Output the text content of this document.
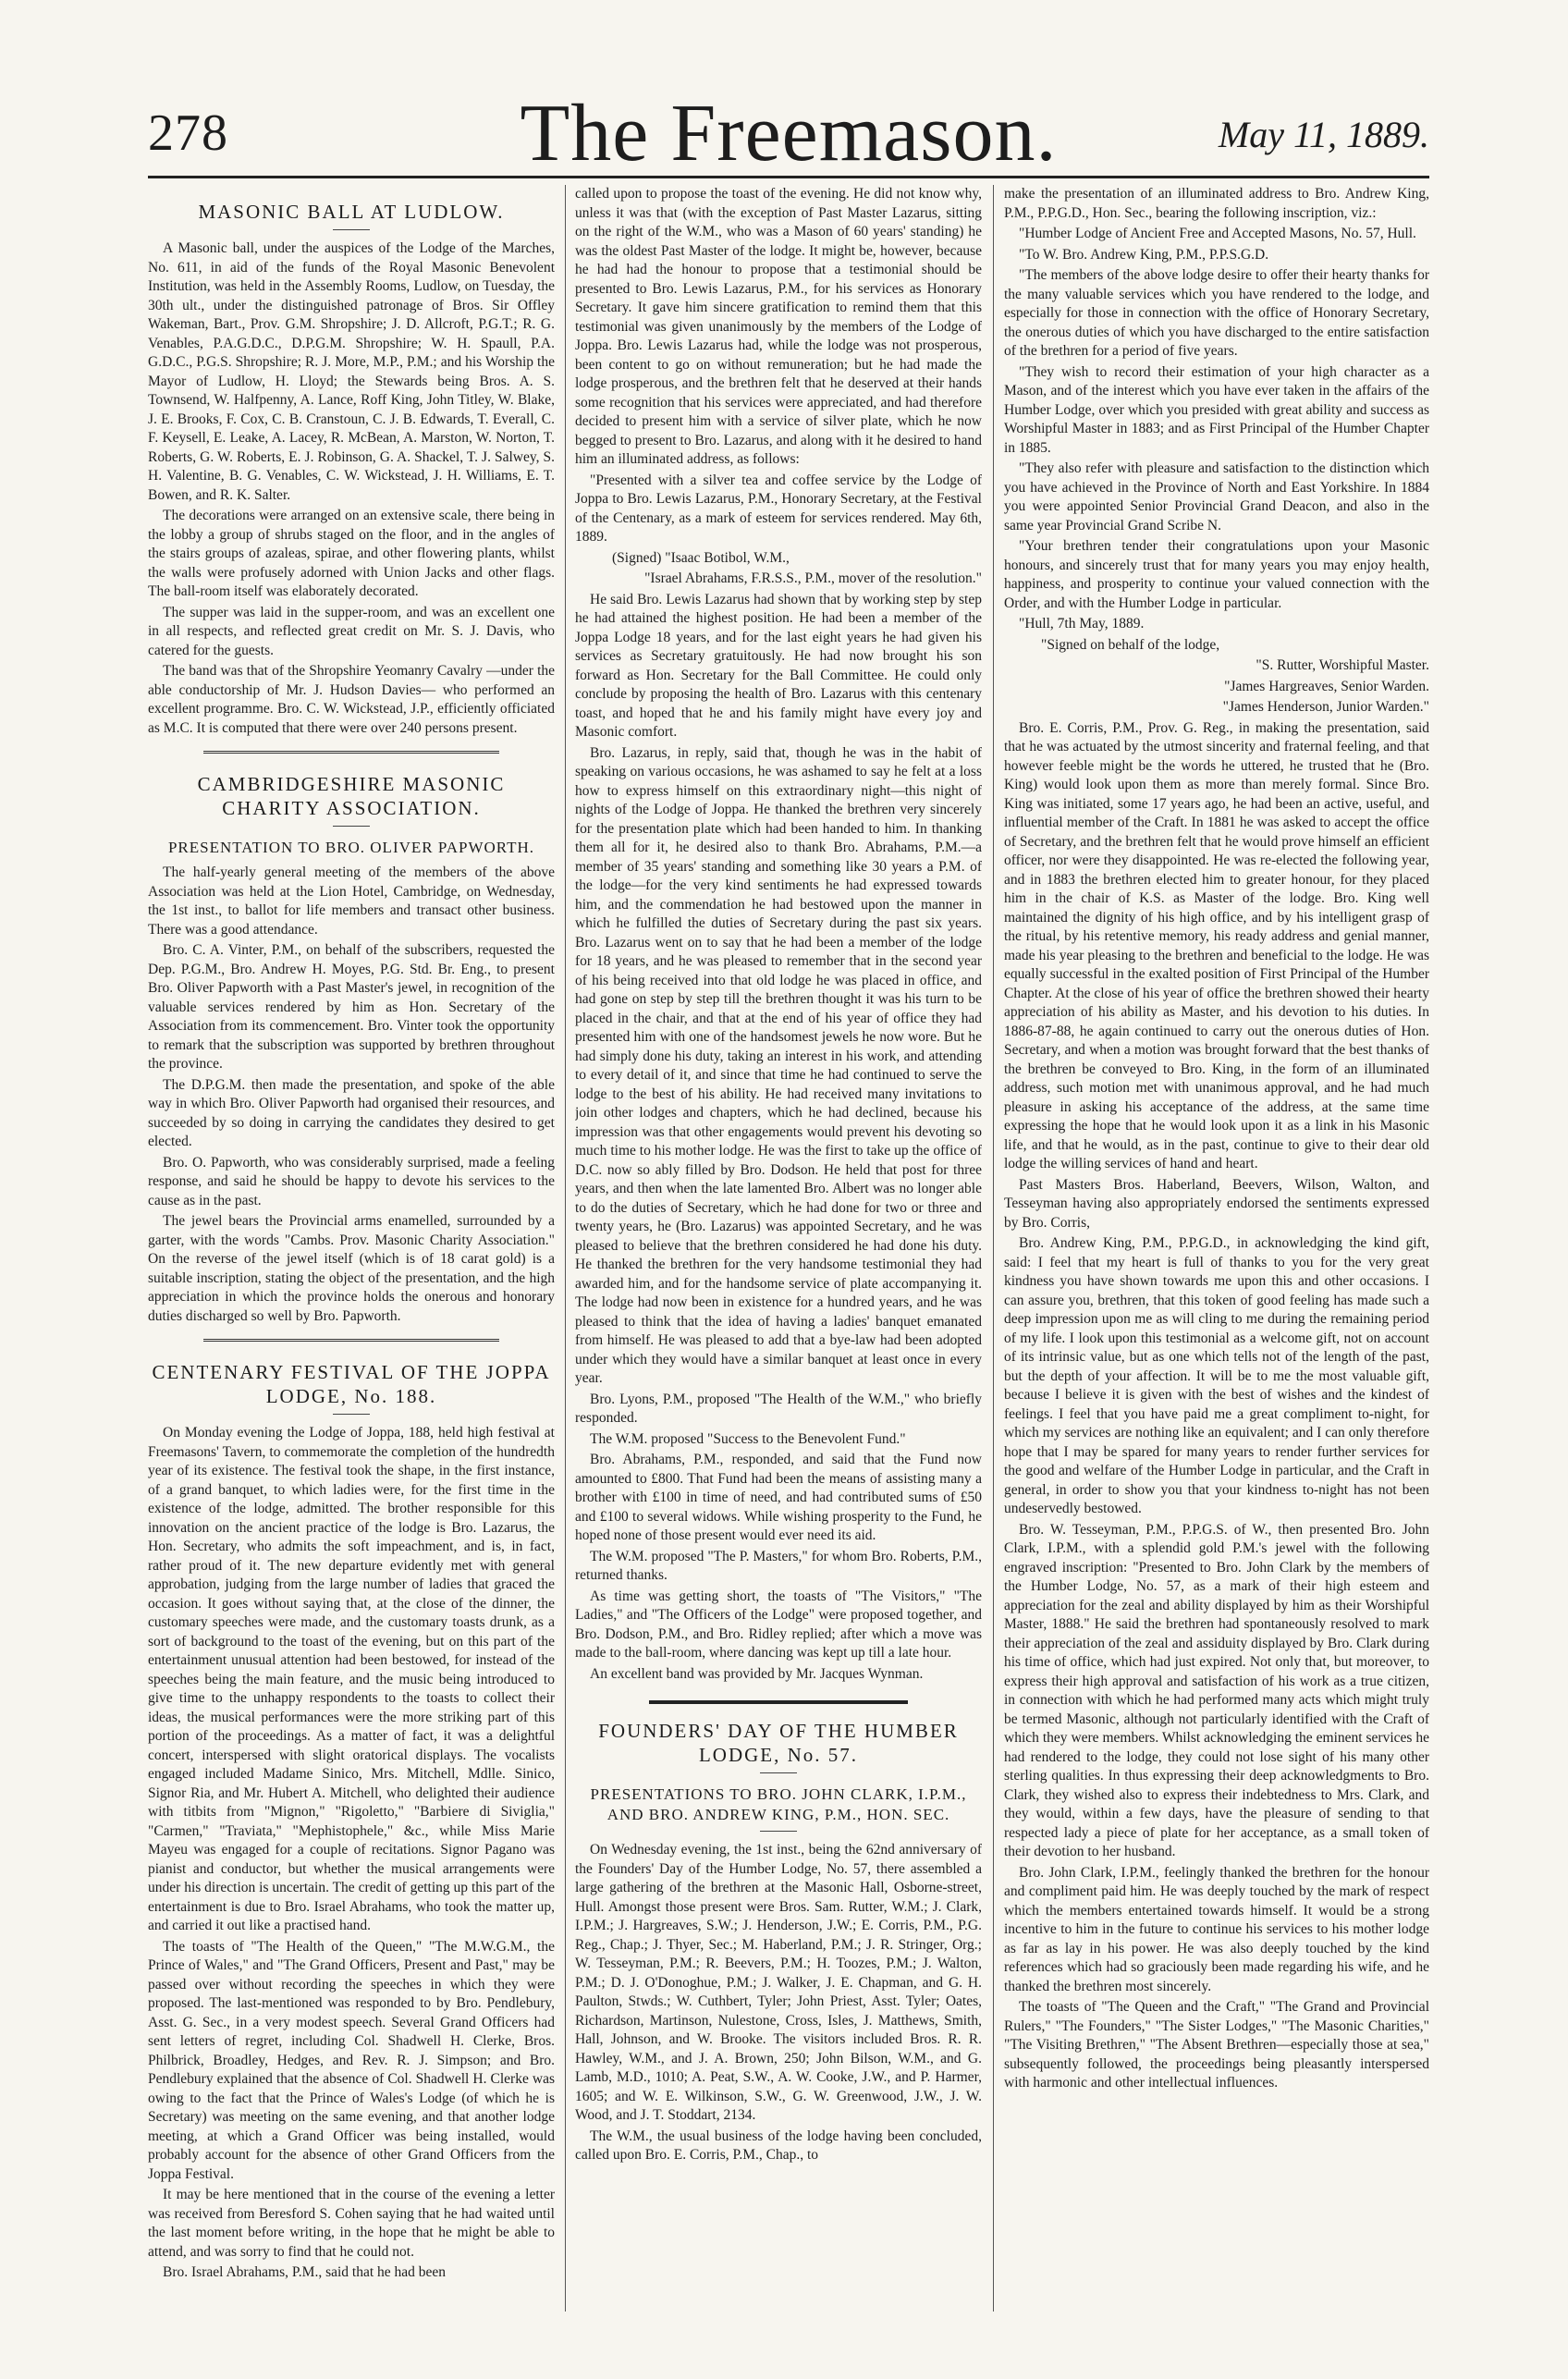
278	The Freemason.	May 11, 1889.
MASONIC BALL AT LUDLOW.

A Masonic ball, under the auspices of the Lodge of the Marches, No. 611, in aid of the funds of the Royal Masonic Benevolent Institution, was held in the Assembly Rooms, Ludlow, on Tuesday, the 30th ult., under the distinguished patronage of Bros. Sir Offley Wakeman, Bart., Prov. G.M. Shropshire; J. D. Allcroft, P.G.T.; R. G. Venables, P.A.G.D.C., D.P.G.M. Shropshire; W. H. Spaull, P.A. G.D.C., P.G.S. Shropshire; R. J. More, M.P., P.M.; and his Worship the Mayor of Ludlow, H. Lloyd; the Stewards being Bros. A. S. Townsend, W. Halfpenny, A. Lance, Roff King, John Titley, W. Blake, J. E. Brooks, F. Cox, C. B. Cranstoun, C. J. B. Edwards, T. Everall, C. F. Keysell, E. Leake, A. Lacey, R. McBean, A. Marston, W. Norton, T. Roberts, G. W. Roberts, E. J. Robinson, G. A. Shackel, T. J. Salwey, S. H. Valentine, B. G. Venables, C. W. Wickstead, J. H. Williams, E. T. Bowen, and R. K. Salter.

The decorations were arranged on an extensive scale, there being in the lobby a group of shrubs staged on the floor, and in the angles of the stairs groups of azaleas, spirae, and other flowering plants, whilst the walls were profusely adorned with Union Jacks and other flags. The ball-room itself was elaborately decorated.

The supper was laid in the supper-room, and was an excellent one in all respects, and reflected great credit on Mr. S. J. Davis, who catered for the guests.

The band was that of the Shropshire Yeomanry Cavalry —under the able conductorship of Mr. J. Hudson Davies— who performed an excellent programme. Bro. C. W. Wickstead, J.P., efficiently officiated as M.C. It is computed that there were over 240 persons present.

CAMBRIDGESHIRE MASONIC CHARITY ASSOCIATION.
PRESENTATION TO BRO. OLIVER PAPWORTH.

The half-yearly general meeting of the members of the above Association was held at the Lion Hotel, Cambridge, on Wednesday, the 1st inst., to ballot for life members and transact other business. There was a good attendance.

Bro. C. A. Vinter, P.M., on behalf of the subscribers, requested the Dep. P.G.M., Bro. Andrew H. Moyes, P.G. Std. Br. Eng., to present Bro. Oliver Papworth with a Past Master's jewel, in recognition of the valuable services rendered by him as Hon. Secretary of the Association from its commencement. Bro. Vinter took the opportunity to remark that the subscription was supported by brethren throughout the province.

The D.P.G.M. then made the presentation, and spoke of the able way in which Bro. Oliver Papworth had organised their resources, and succeeded by so doing in carrying the candidates they desired to get elected.

Bro. O. Papworth, who was considerably surprised, made a feeling response, and said he should be happy to devote his services to the cause as in the past.

The jewel bears the Provincial arms enamelled, surrounded by a garter, with the words "Cambs. Prov. Masonic Charity Association." On the reverse of the jewel itself (which is of 18 carat gold) is a suitable inscription, stating the object of the presentation, and the high appreciation in which the province holds the onerous and honorary duties discharged so well by Bro. Papworth.

CENTENARY FESTIVAL OF THE JOPPA LODGE, No. 188.

On Monday evening the Lodge of Joppa, 188, held high festival at Freemasons' Tavern, to commemorate the completion of the hundredth year of its existence. The festival took the shape, in the first instance, of a grand banquet, to which ladies were, for the first time in the existence of the lodge, admitted. The brother responsible for this innovation on the ancient practice of the lodge is Bro. Lazarus, the Hon. Secretary, who admits the soft impeachment, and is, in fact, rather proud of it. The new departure evidently met with general approbation, judging from the large number of ladies that graced the occasion. It goes without saying that, at the close of the dinner, the customary speeches were made, and the customary toasts drunk, as a sort of background to the toast of the evening, but on this part of the entertainment unusual attention had been bestowed, for instead of the speeches being the main feature, and the music being introduced to give time to the unhappy respondents to the toasts to collect their ideas, the musical performances were the more striking part of this portion of the proceedings. As a matter of fact, it was a delightful concert, interspersed with slight oratorical displays. The vocalists engaged included Madame Sinico, Mrs. Mitchell, Mdlle. Sinico, Signor Ria, and Mr. Hubert A. Mitchell, who delighted their audience with titbits from "Mignon," "Rigoletto," "Barbiere di Siviglia," "Carmen," "Traviata," "Mephistophele," &c., while Miss Marie Mayeu was engaged for a couple of recitations. Signor Pagano was pianist and conductor, but whether the musical arrangements were under his direction is uncertain. The credit of getting up this part of the entertainment is due to Bro. Israel Abrahams, who took the matter up, and carried it out like a practised hand.

The toasts of "The Health of the Queen," "The M.W.G.M., the Prince of Wales," and "The Grand Officers, Present and Past," may be passed over without recording the speeches in which they were proposed. The last-mentioned was responded to by Bro. Pendlebury, Asst. G. Sec., in a very modest speech. Several Grand Officers had sent letters of regret, including Col. Shadwell H. Clerke, Bros. Philbrick, Broadley, Hedges, and Rev. R. J. Simpson; and Bro. Pendlebury explained that the absence of Col. Shadwell H. Clerke was owing to the fact that the Prince of Wales's Lodge (of which he is Secretary) was meeting on the same evening, and that another lodge meeting, at which a Grand Officer was being installed, would probably account for the absence of other Grand Officers from the Joppa Festival.

It may be here mentioned that in the course of the evening a letter was received from Beresford S. Cohen saying that he had waited until the last moment before writing, in the hope that he might be able to attend, and was sorry to find that he could not.

Bro. Israel Abrahams, P.M., said that he had been

called upon to propose the toast of the evening. He did not know why, unless it was that (with the exception of Past Master Lazarus, sitting on the right of the W.M., who was a Mason of 60 years' standing) he was the oldest Past Master of the lodge. It might be, however, because he had had the honour to propose that a testimonial should be presented to Bro. Lewis Lazarus, P.M., for his services as Honorary Secretary. It gave him sincere gratification to remind them that this testimonial was given unanimously by the members of the Lodge of Joppa. Bro. Lewis Lazarus had, while the lodge was not prosperous, been content to go on without remuneration; but he had made the lodge prosperous, and the brethren felt that he deserved at their hands some recognition that his services were appreciated, and had therefore decided to present him with a service of silver plate, which he now begged to present to Bro. Lazarus, and along with it he desired to hand him an illuminated address, as follows:

"Presented with a silver tea and coffee service by the Lodge of Joppa to Bro. Lewis Lazarus, P.M., Honorary Secretary, at the Festival of the Centenary, as a mark of esteem for services rendered. May 6th, 1889.

(Signed) "Isaac Botibol, W.M.,

"Israel Abrahams, F.R.S.S., P.M., mover of the resolution."

He said Bro. Lewis Lazarus had shown that by working step by step he had attained the highest position. He had been a member of the Joppa Lodge 18 years, and for the last eight years he had given his services as Secretary gratuitously. He had now brought his son forward as Hon. Secretary for the Ball Committee. He could only conclude by proposing the health of Bro. Lazarus with this centenary toast, and hoped that he and his family might have every joy and Masonic comfort.

Bro. Lazarus, in reply, said that, though he was in the habit of speaking on various occasions, he was ashamed to say he felt at a loss how to express himself on this extraordinary night—this night of nights of the Lodge of Joppa. He thanked the brethren very sincerely for the presentation plate which had been handed to him. In thanking them all for it, he desired also to thank Bro. Abrahams, P.M.—a member of 35 years' standing and something like 30 years a P.M. of the lodge—for the very kind sentiments he had expressed towards him, and the commendation he had bestowed upon the manner in which he fulfilled the duties of Secretary during the past six years. Bro. Lazarus went on to say that he had been a member of the lodge for 18 years, and he was pleased to remember that in the second year of his being received into that old lodge he was placed in office, and had gone on step by step till the brethren thought it was his turn to be placed in the chair, and that at the end of his year of office they had presented him with one of the handsomest jewels he now wore. But he had simply done his duty, taking an interest in his work, and attending to every detail of it, and since that time he had continued to serve the lodge to the best of his ability. He had received many invitations to join other lodges and chapters, which he had declined, because his impression was that other engagements would prevent his devoting so much time to his mother lodge. He was the first to take up the office of D.C. now so ably filled by Bro. Dodson. He held that post for three years, and then when the late lamented Bro. Albert was no longer able to do the duties of Secretary, which he had done for two or three and twenty years, he (Bro. Lazarus) was appointed Secretary, and he was pleased to believe that the brethren considered he had done his duty. He thanked the brethren for the very handsome testimonial they had awarded him, and for the handsome service of plate accompanying it. The lodge had now been in existence for a hundred years, and he was pleased to think that the idea of having a ladies' banquet emanated from himself. He was pleased to add that a bye-law had been adopted under which they would have a similar banquet at least once in every year.

Bro. Lyons, P.M., proposed "The Health of the W.M.," who briefly responded.

The W.M. proposed "Success to the Benevolent Fund."

Bro. Abrahams, P.M., responded, and said that the Fund now amounted to £800. That Fund had been the means of assisting many a brother with £100 in time of need, and had contributed sums of £50 and £100 to several widows. While wishing prosperity to the Fund, he hoped none of those present would ever need its aid.

The W.M. proposed "The P. Masters," for whom Bro. Roberts, P.M., returned thanks.

As time was getting short, the toasts of "The Visitors," "The Ladies," and "The Officers of the Lodge" were proposed together, and Bro. Dodson, P.M., and Bro. Ridley replied; after which a move was made to the ball-room, where dancing was kept up till a late hour.

An excellent band was provided by Mr. Jacques Wynman.

FOUNDERS' DAY OF THE HUMBER LODGE, No. 57.
PRESENTATIONS TO BRO. JOHN CLARK, I.P.M., AND BRO. ANDREW KING, P.M., HON. SEC.

On Wednesday evening, the 1st inst., being the 62nd anniversary of the Founders' Day of the Humber Lodge, No. 57, there assembled a large gathering of the brethren at the Masonic Hall, Osborne-street, Hull. Amongst those present were Bros. Sam. Rutter, W.M.; J. Clark, I.P.M.; J. Hargreaves, S.W.; J. Henderson, J.W.; E. Corris, P.M., P.G. Reg., Chap.; J. Thyer, Sec.; M. Haberland, P.M.; J. R. Stringer, Org.; W. Tesseyman, P.M.; R. Beevers, P.M.; H. Toozes, P.M.; J. Walton, P.M.; D. J. O'Donoghue, P.M.; J. Walker, J. E. Chapman, and G. H. Paulton, Stwds.; W. Cuthbert, Tyler; John Priest, Asst. Tyler; Oates, Richardson, Martinson, Nulestone, Cross, Isles, J. Matthews, Smith, Hall, Johnson, and W. Brooke. The visitors included Bros. R. R. Hawley, W.M., and J. A. Brown, 250; John Bilson, W.M., and G. Lamb, M.D., 1010; A. Peat, S.W., A. W. Cooke, J.W., and P. Harmer, 1605; and W. E. Wilkinson, S.W., G. W. Greenwood, J.W., J. W. Wood, and J. T. Stoddart, 2134.

The W.M., the usual business of the lodge having been concluded, called upon Bro. E. Corris, P.M., Chap., to

make the presentation of an illuminated address to Bro. Andrew King, P.M., P.P.G.D., Hon. Sec., bearing the following inscription, viz.:

"Humber Lodge of Ancient Free and Accepted Masons, No. 57, Hull.

"To W. Bro. Andrew King, P.M., P.P.S.G.D.

"The members of the above lodge desire to offer their hearty thanks for the many valuable services which you have rendered to the lodge, and especially for those in connection with the office of Honorary Secretary, the onerous duties of which you have discharged to the entire satisfaction of the brethren for a period of five years.

"They wish to record their estimation of your high character as a Mason, and of the interest which you have ever taken in the affairs of the Humber Lodge, over which you presided with great ability and success as Worshipful Master in 1883; and as First Principal of the Humber Chapter in 1885.

"They also refer with pleasure and satisfaction to the distinction which you have achieved in the Province of North and East Yorkshire. In 1884 you were appointed Senior Provincial Grand Deacon, and also in the same year Provincial Grand Scribe N.

"Your brethren tender their congratulations upon your Masonic honours, and sincerely trust that for many years you may enjoy health, happiness, and prosperity to continue your valued connection with the Order, and with the Humber Lodge in particular.

"Hull, 7th May, 1889.

"Signed on behalf of the lodge,

"S. Rutter, Worshipful Master.

"James Hargreaves, Senior Warden.

"James Henderson, Junior Warden."

Bro. E. Corris, P.M., Prov. G. Reg., in making the presentation, said that he was actuated by the utmost sincerity and fraternal feeling, and that however feeble might be the words he uttered, he trusted that he (Bro. King) would look upon them as more than merely formal. Since Bro. King was initiated, some 17 years ago, he had been an active, useful, and influential member of the Craft. In 1881 he was asked to accept the office of Secretary, and the brethren felt that he would prove himself an efficient officer, nor were they disappointed. He was re-elected the following year, and in 1883 the brethren elected him to greater honour, for they placed him in the chair of K.S. as Master of the lodge. Bro. King well maintained the dignity of his high office, and by his intelligent grasp of the ritual, by his retentive memory, his ready address and genial manner, made his year pleasing to the brethren and beneficial to the lodge. He was equally successful in the exalted position of First Principal of the Humber Chapter. At the close of his year of office the brethren showed their hearty appreciation of his ability as Master, and his devotion to his duties. In 1886-87-88, he again continued to carry out the onerous duties of Hon. Secretary, and when a motion was brought forward that the best thanks of the brethren be conveyed to Bro. King, in the form of an illuminated address, such motion met with unanimous approval, and he had much pleasure in asking his acceptance of the address, at the same time expressing the hope that he would look upon it as a link in his Masonic life, and that he would, as in the past, continue to give to their dear old lodge the willing services of hand and heart.

Past Masters Bros. Haberland, Beevers, Wilson, Walton, and Tesseyman having also appropriately endorsed the sentiments expressed by Bro. Corris,

Bro. Andrew King, P.M., P.P.G.D., in acknowledging the kind gift, said: I feel that my heart is full of thanks to you for the very great kindness you have shown towards me upon this and other occasions. I can assure you, brethren, that this token of good feeling has made such a deep impression upon me as will cling to me during the remaining period of my life. I look upon this testimonial as a welcome gift, not on account of its intrinsic value, but as one which tells not of the length of the past, but the depth of your affection. It will be to me the most valuable gift, because I believe it is given with the best of wishes and the kindest of feelings. I feel that you have paid me a great compliment to-night, for which my services are nothing like an equivalent; and I can only therefore hope that I may be spared for many years to render further services for the good and welfare of the Humber Lodge in particular, and the Craft in general, in order to show you that your kindness to-night has not been undeservedly bestowed.

Bro. W. Tesseyman, P.M., P.P.G.S. of W., then presented Bro. John Clark, I.P.M., with a splendid gold P.M.'s jewel with the following engraved inscription: "Presented to Bro. John Clark by the members of the Humber Lodge, No. 57, as a mark of their high esteem and appreciation for the zeal and ability displayed by him as their Worshipful Master, 1888." He said the brethren had spontaneously resolved to mark their appreciation of the zeal and assiduity displayed by Bro. Clark during his time of office, which had just expired. Not only that, but moreover, to express their high approval and satisfaction of his work as a true citizen, in connection with which he had performed many acts which might truly be termed Masonic, although not particularly identified with the Craft of which they were members. Whilst acknowledging the eminent services he had rendered to the lodge, they could not lose sight of his many other sterling qualities. In thus expressing their deep acknowledgments to Bro. Clark, they wished also to express their indebtedness to Mrs. Clark, and they would, within a few days, have the pleasure of sending to that respected lady a piece of plate for her acceptance, as a small token of their devotion to her husband.

Bro. John Clark, I.P.M., feelingly thanked the brethren for the honour and compliment paid him. He was deeply touched by the mark of respect which the members entertained towards himself. It would be a strong incentive to him in the future to continue his services to his mother lodge as far as lay in his power. He was also deeply touched by the kind references which had so graciously been made regarding his wife, and he thanked the brethren most sincerely.

The toasts of "The Queen and the Craft," "The Grand and Provincial Rulers," "The Founders," "The Sister Lodges," "The Masonic Charities," "The Visiting Brethren," "The Absent Brethren—especially those at sea," subsequently followed, the proceedings being pleasantly interspersed with harmonic and other intellectual influences.
